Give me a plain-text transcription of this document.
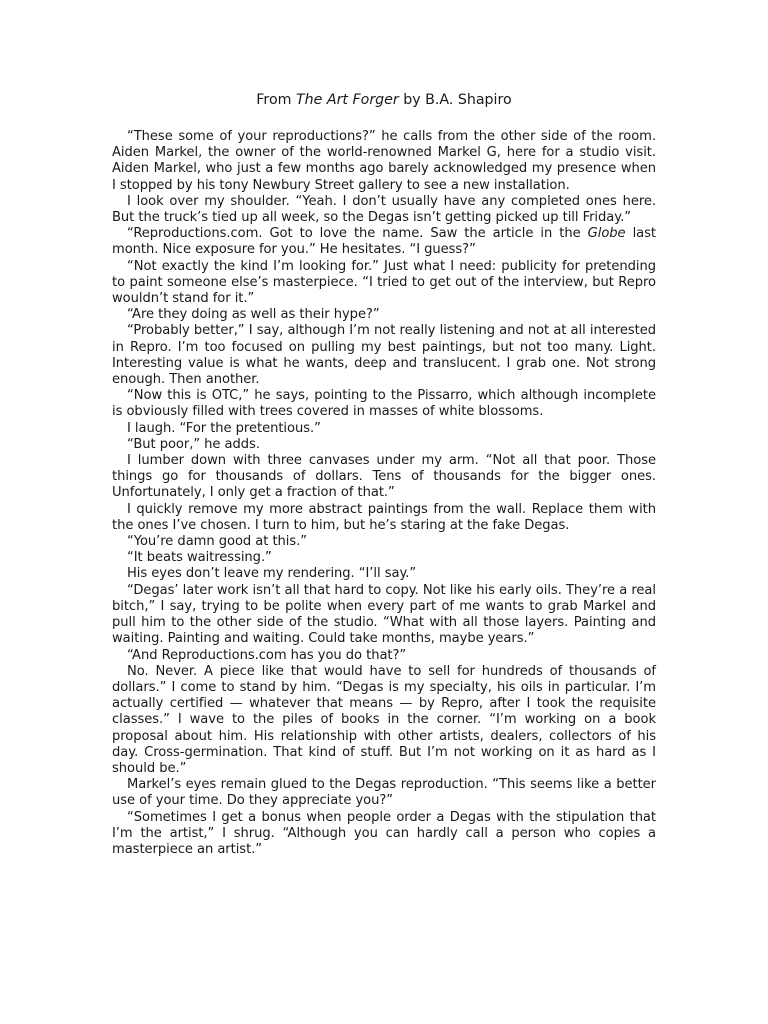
From The Art Forger by B.A. Shapiro

“These some of your reproductions?” he calls from the other side of the room. Aiden Markel, the owner of the world-renowned Markel G, here for a studio visit. Aiden Markel, who just a few months ago barely acknowledged my presence when I stopped by his tony Newbury Street gallery to see a new installation.

I look over my shoulder. “Yeah. I don’t usually have any completed ones here. But the truck’s tied up all week, so the Degas isn’t getting picked up till Friday.”

“Reproductions.com. Got to love the name. Saw the article in the Globe last month. Nice exposure for you.” He hesitates. “I guess?”

“Not exactly the kind I’m looking for.” Just what I need: publicity for pretending to paint someone else’s masterpiece. “I tried to get out of the interview, but Repro wouldn’t stand for it.”

“Are they doing as well as their hype?”

“Probably better,” I say, although I’m not really listening and not at all interested in Repro. I’m too focused on pulling my best paintings, but not too many. Light. Interesting value is what he wants, deep and translucent. I grab one. Not strong enough. Then another.

“Now this is OTC,” he says, pointing to the Pissarro, which although incomplete is obviously filled with trees covered in masses of white blossoms.

I laugh. “For the pretentious.”

“But poor,” he adds.

I lumber down with three canvases under my arm. “Not all that poor. Those things go for thousands of dollars. Tens of thousands for the bigger ones. Unfortunately, I only get a fraction of that.”

I quickly remove my more abstract paintings from the wall. Replace them with the ones I’ve chosen. I turn to him, but he’s staring at the fake Degas.

“You’re damn good at this.”

“It beats waitressing.”

His eyes don’t leave my rendering. “I’ll say.”

“Degas’ later work isn’t all that hard to copy. Not like his early oils. They’re a real bitch,” I say, trying to be polite when every part of me wants to grab Markel and pull him to the other side of the studio. “What with all those layers. Painting and waiting. Painting and waiting. Could take months, maybe years.”

“And Reproductions.com has you do that?”

No. Never. A piece like that would have to sell for hundreds of thousands of dollars.” I come to stand by him. “Degas is my specialty, his oils in particular. I’m actually certified — whatever that means — by Repro, after I took the requisite classes.” I wave to the piles of books in the corner. “I’m working on a book proposal about him. His relationship with other artists, dealers, collectors of his day. Cross-germination. That kind of stuff. But I’m not working on it as hard as I should be.”

Markel’s eyes remain glued to the Degas reproduction. “This seems like a better use of your time. Do they appreciate you?”

“Sometimes I get a bonus when people order a Degas with the stipulation that I’m the artist,” I shrug. “Although you can hardly call a person who copies a masterpiece an artist.”
